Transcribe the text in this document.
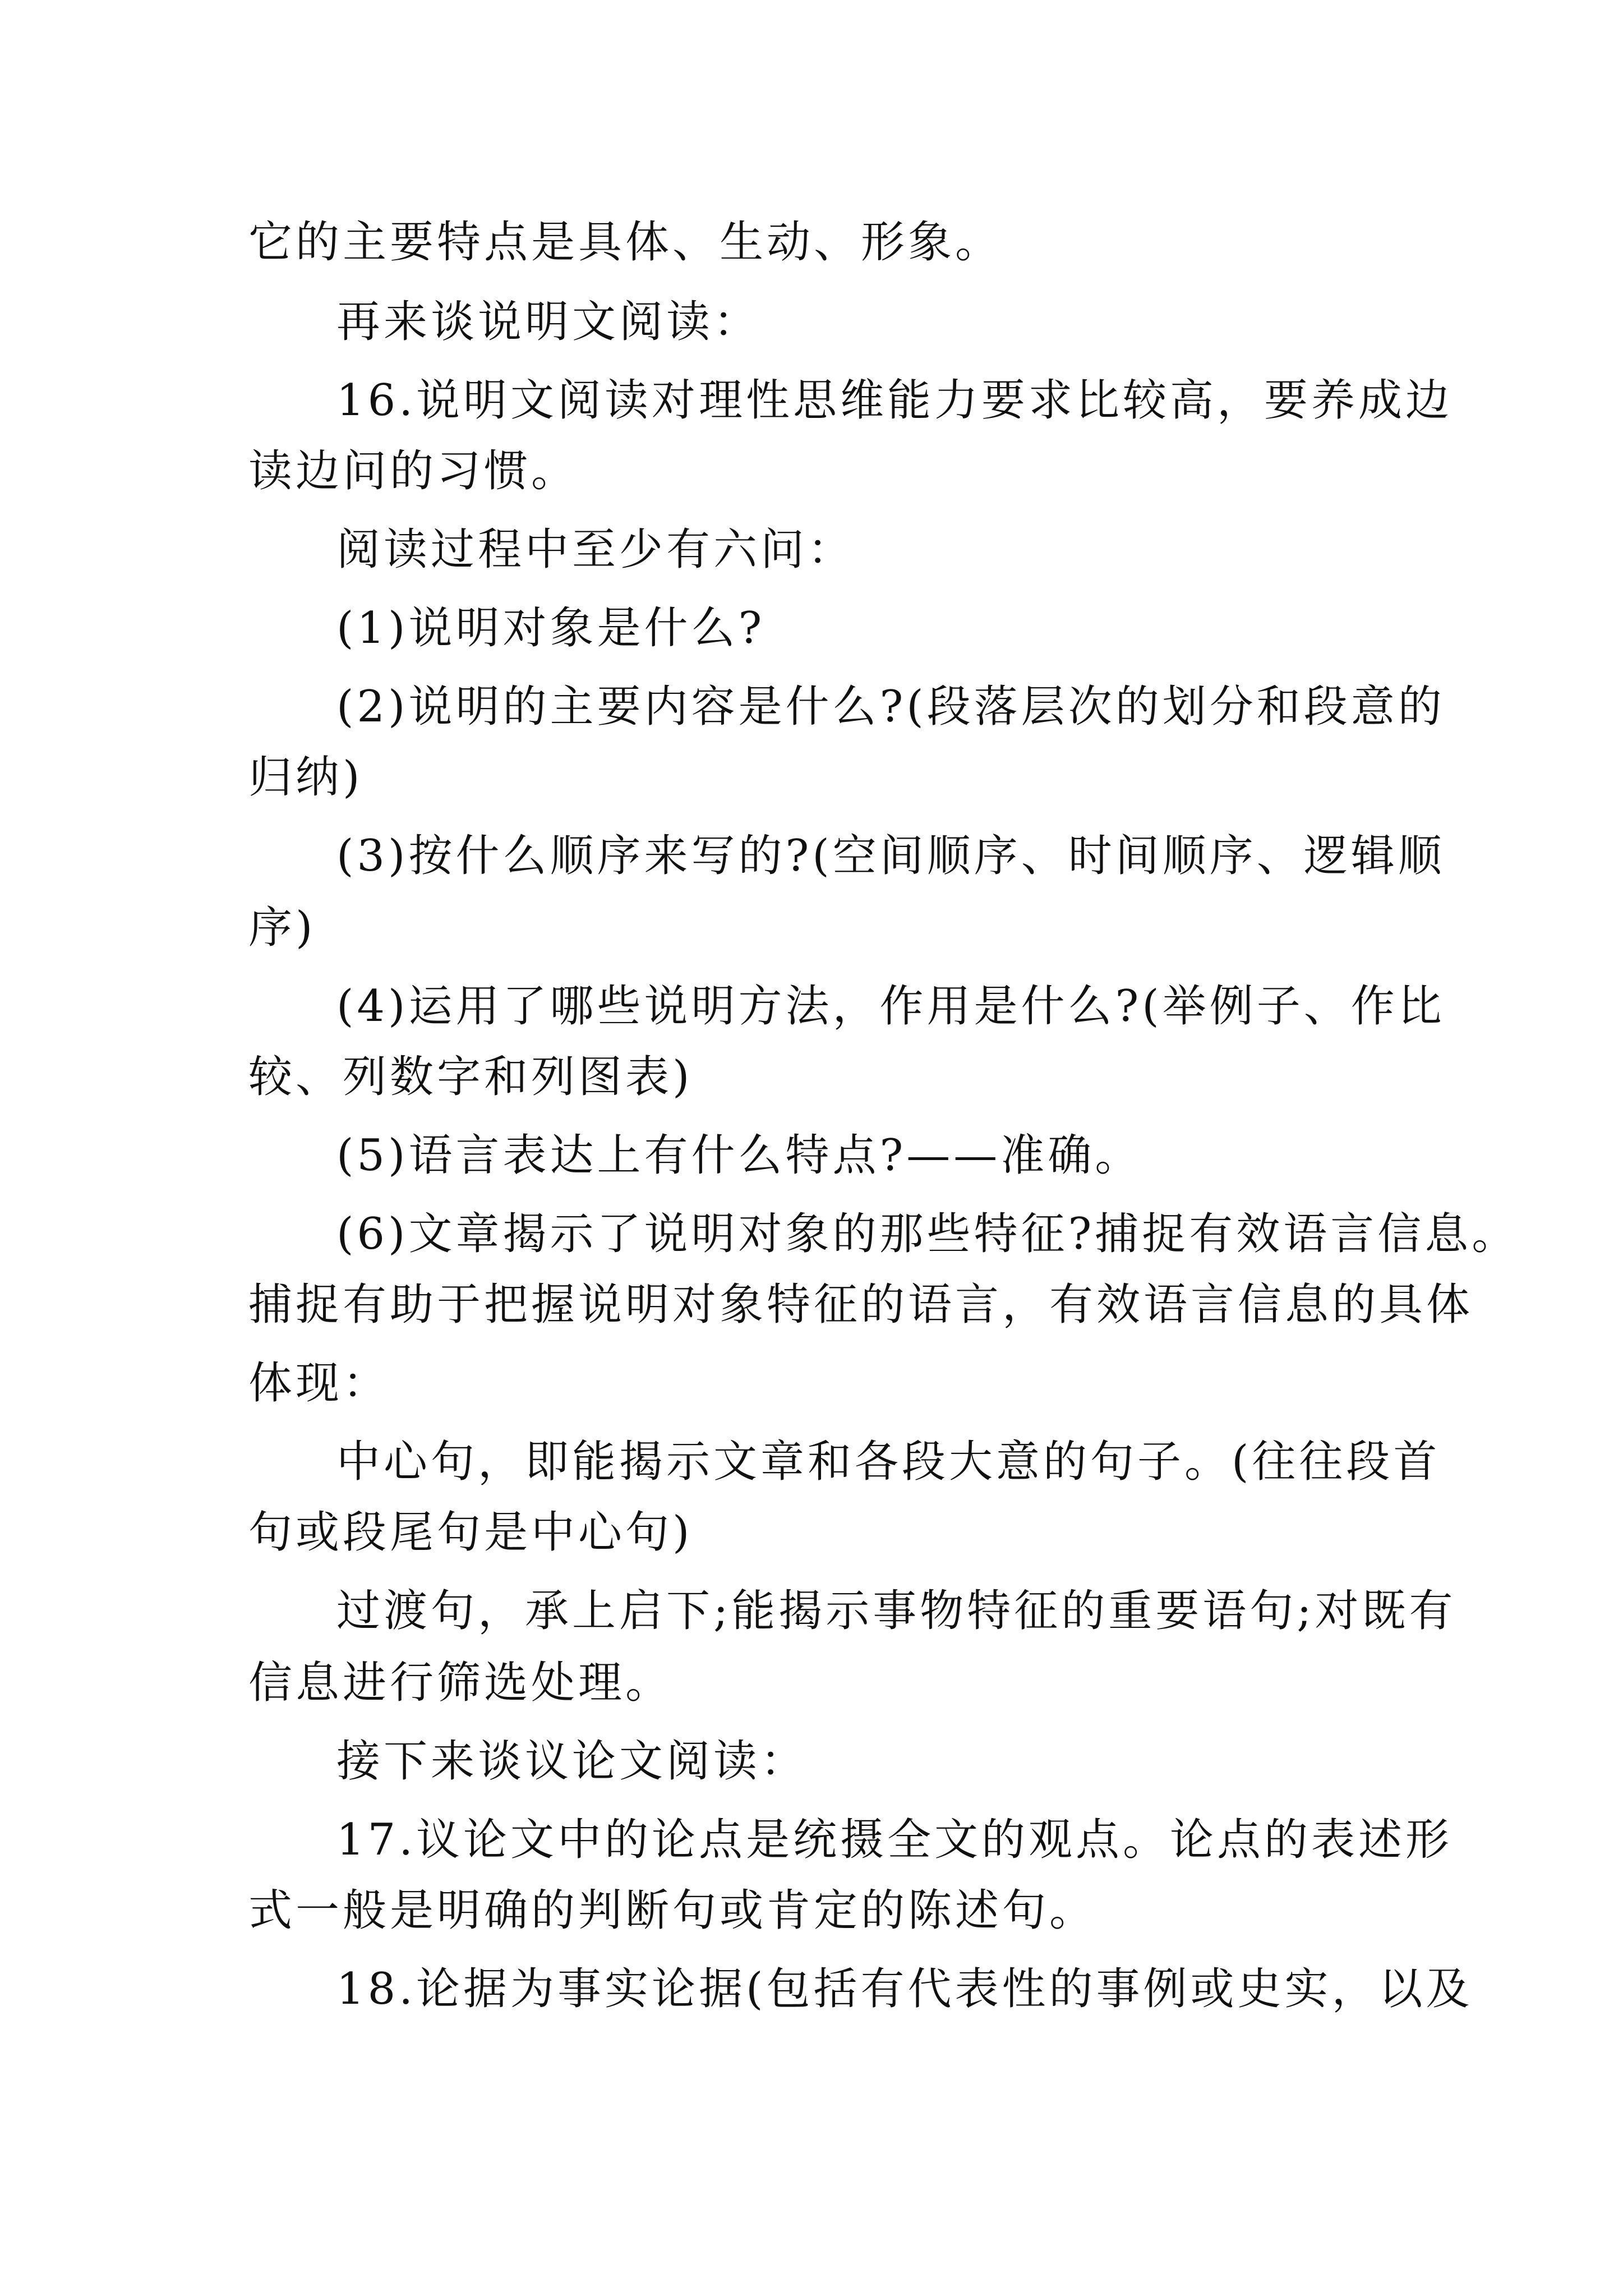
它的主要特点是具体、生动、形象。
再来谈说明文阅读：
16.说明文阅读对理性思维能力要求比较高，要养成边
读边问的习惯。
阅读过程中至少有六问：
(1)说明对象是什么?
(2)说明的主要内容是什么?(段落层次的划分和段意的
归纳)
(3)按什么顺序来写的?(空间顺序、时间顺序、逻辑顺
序)
(4)运用了哪些说明方法，作用是什么?(举例子、作比
较、列数字和列图表)
(5)语言表达上有什么特点?——准确。
(6)文章揭示了说明对象的那些特征?捕捉有效语言信息。
捕捉有助于把握说明对象特征的语言，有效语言信息的具体
体现：
中心句，即能揭示文章和各段大意的句子。(往往段首
句或段尾句是中心句)
过渡句，承上启下;能揭示事物特征的重要语句;对既有
信息进行筛选处理。
接下来谈议论文阅读：
17.议论文中的论点是统摄全文的观点。论点的表述形
式一般是明确的判断句或肯定的陈述句。
18.论据为事实论据(包括有代表性的事例或史实，以及
